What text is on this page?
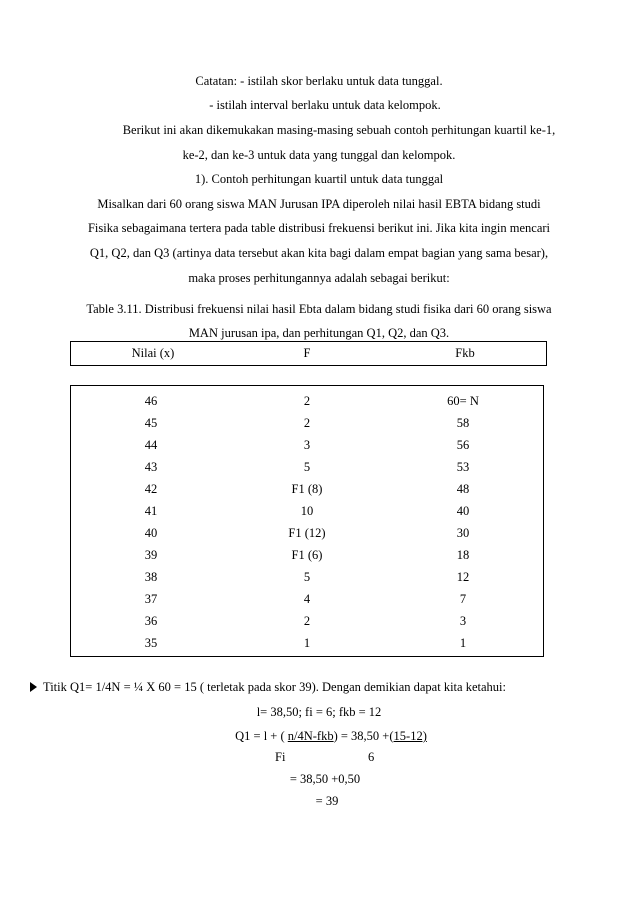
Catatan: - istilah skor berlaku untuk data tunggal.
- istilah interval berlaku untuk data kelompok.
Berikut ini akan dikemukakan masing-masing sebuah contoh perhitungan kuartil ke-1,
ke-2, dan ke-3 untuk data yang tunggal dan kelompok.
1). Contoh perhitungan kuartil untuk data tunggal
Misalkan dari 60 orang siswa MAN Jurusan IPA diperoleh nilai hasil EBTA bidang studi
Fisika sebagaimana tertera pada table distribusi frekuensi berikut ini. Jika kita ingin mencari
Q1, Q2, dan Q3 (artinya data tersebut akan kita bagi dalam empat bagian yang sama besar),
maka proses perhitungannya adalah sebagai berikut:
Table 3.11. Distribusi frekuensi nilai hasil Ebta dalam bidang studi fisika dari 60 orang siswa
MAN jurusan ipa, dan perhitungan Q1, Q2, dan Q3.
Nilai (x)	F	Fkb
46	2	60= N
45	2	58
44	3	56
43	5	53
42	F1 (8)	48
41	10	40
40	F1 (12)	30
39	F1 (6)	18
38	5	12
37	4	7
36	2	3
35	1	1
Titik Q1= 1/4N = ¼ X 60 = 15 ( terletak pada skor 39). Dengan demikian dapat kita ketahui:
l= 38,50; fi = 6; fkb = 12
Q1 = l + ( n/4N-fkb) = 38,50 +(15-12)
Fi	6
= 38,50 +0,50
= 39
